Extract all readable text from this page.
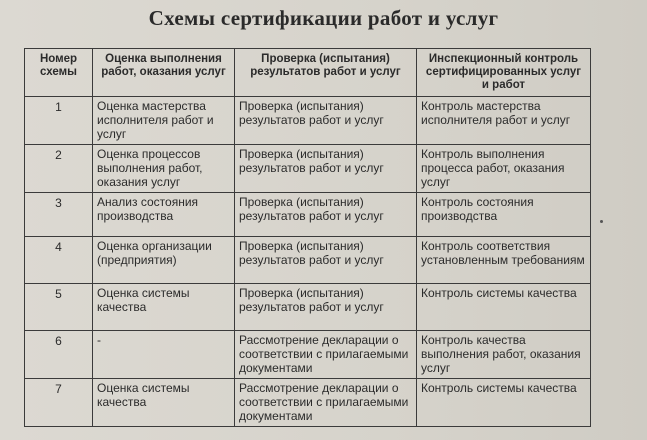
Схемы сертификации работ и услуг
Номер схемы	Оценка выполнения работ, оказания услуг	Проверка (испытания) результатов работ и услуг	Инспекционный контроль сертифицированных услуг и работ
1	Оценка мастерства исполнителя работ и услуг	Проверка (испытания) результатов работ и услуг	Контроль мастерства исполнителя работ и услуг
2	Оценка процессов выполнения работ, оказания услуг	Проверка (испытания) результатов работ и услуг	Контроль выполнения процесса работ, оказания услуг
3	Анализ состояния производства	Проверка (испытания) результатов работ и услуг	Контроль состояния производства
4	Оценка организации (предприятия)	Проверка (испытания) результатов работ и услуг	Контроль соответствия установленным требованиям
5	Оценка системы качества	Проверка (испытания) результатов работ и услуг	Контроль системы качества
6	-	Рассмотрение декларации о соответствии с прилагаемыми документами	Контроль качества выполнения работ, оказания услуг
7	Оценка системы качества	Рассмотрение декларации о соответствии с прилагаемыми документами	Контроль системы качества
